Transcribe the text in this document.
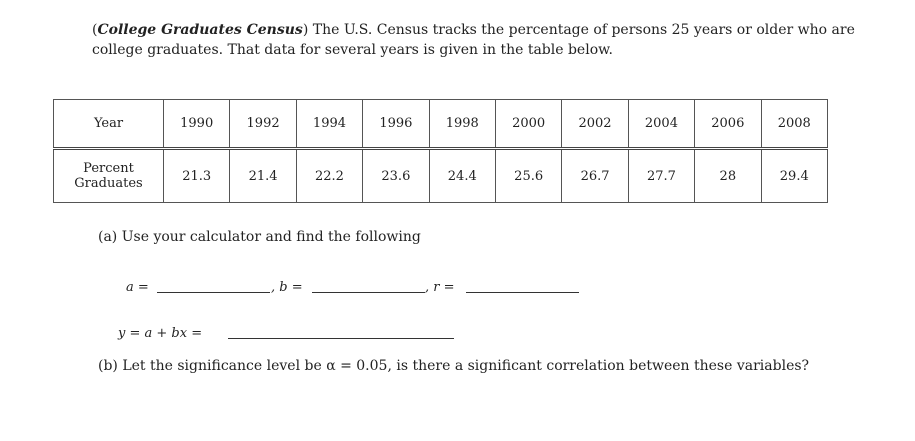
(College Graduates Census) The U.S. Census tracks the percentage of persons 25 years or older who are college graduates. That data for several years is given in the table below.

Year	1990	1992	1994	1996	1998	2000	2002	2004	2006	2008
Percent
Graduates	21.3	21.4	22.2	23.6	24.4	25.6	26.7	27.7	28	29.4

(a) Use your calculator and find the following

a =	, b =	, r =
y = a + bx =

(b) Let the significance level be α = 0.05, is there a significant correlation between these variables?
